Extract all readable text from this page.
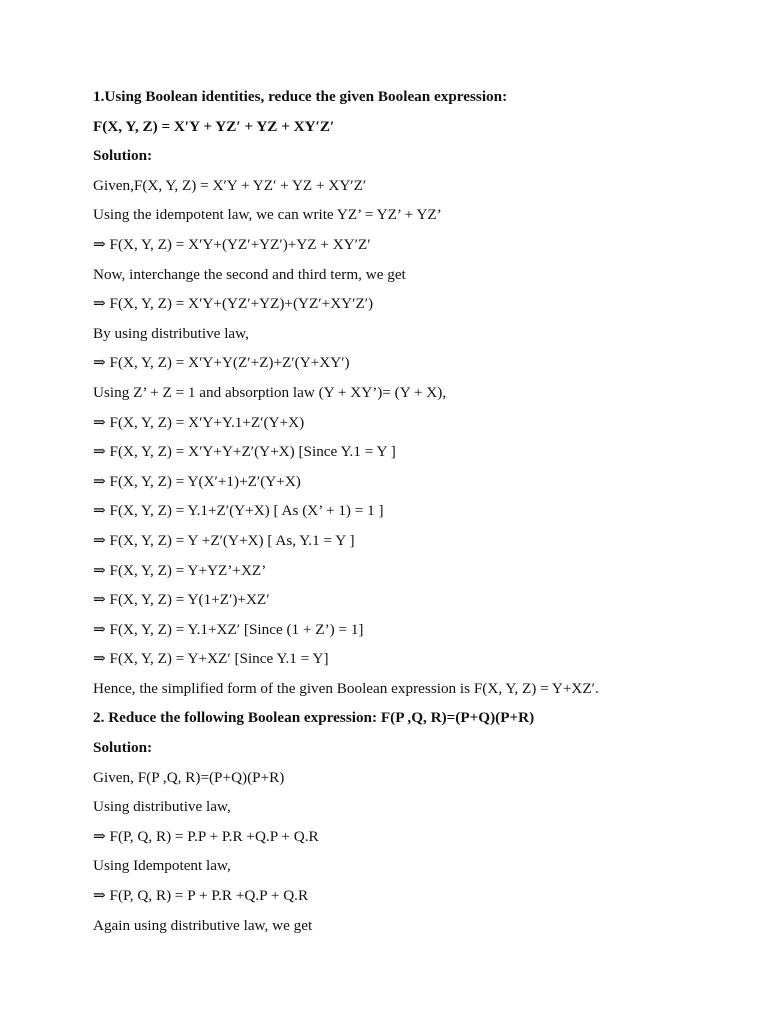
1.Using Boolean identities, reduce the given Boolean expression:
F(X, Y, Z) = X′Y + YZ′ + YZ + XY′Z′
Solution:
Given,F(X, Y, Z) = X′Y + YZ′ + YZ + XY′Z′
Using the idempotent law, we can write YZ’ = YZ’ + YZ’
⇒ F(X, Y, Z) = X′Y+(YZ′+YZ′)+YZ + XY′Z′
Now, interchange the second and third term, we get
⇒ F(X, Y, Z) = X′Y+(YZ′+YZ)+(YZ′+XY′Z′)
By using distributive law,
⇒ F(X, Y, Z) = X′Y+Y(Z′+Z)+Z′(Y+XY′)
Using Z’ + Z = 1 and absorption law (Y + XY’)= (Y + X),
⇒ F(X, Y, Z) = X′Y+Y.1+Z′(Y+X)
⇒ F(X, Y, Z) = X′Y+Y+Z′(Y+X) [Since Y.1 = Y ]
⇒ F(X, Y, Z) = Y(X′+1)+Z′(Y+X)
⇒ F(X, Y, Z) = Y.1+Z′(Y+X) [ As (X’ + 1) = 1 ]
⇒ F(X, Y, Z) = Y +Z′(Y+X) [ As, Y.1 = Y ]
⇒ F(X, Y, Z) = Y+YZ’+XZ’
⇒ F(X, Y, Z) = Y(1+Z′)+XZ′
⇒ F(X, Y, Z) = Y.1+XZ′ [Since (1 + Z’) = 1]
⇒ F(X, Y, Z) = Y+XZ′ [Since Y.1 = Y]
Hence, the simplified form of the given Boolean expression is F(X, Y, Z) = Y+XZ′.
2. Reduce the following Boolean expression: F(P ,Q, R)=(P+Q)(P+R)
Solution:
Given, F(P ,Q, R)=(P+Q)(P+R)
Using distributive law,
⇒ F(P, Q, R) = P.P + P.R +Q.P + Q.R
Using Idempotent law,
⇒ F(P, Q, R) = P + P.R +Q.P + Q.R
Again using distributive law, we get
